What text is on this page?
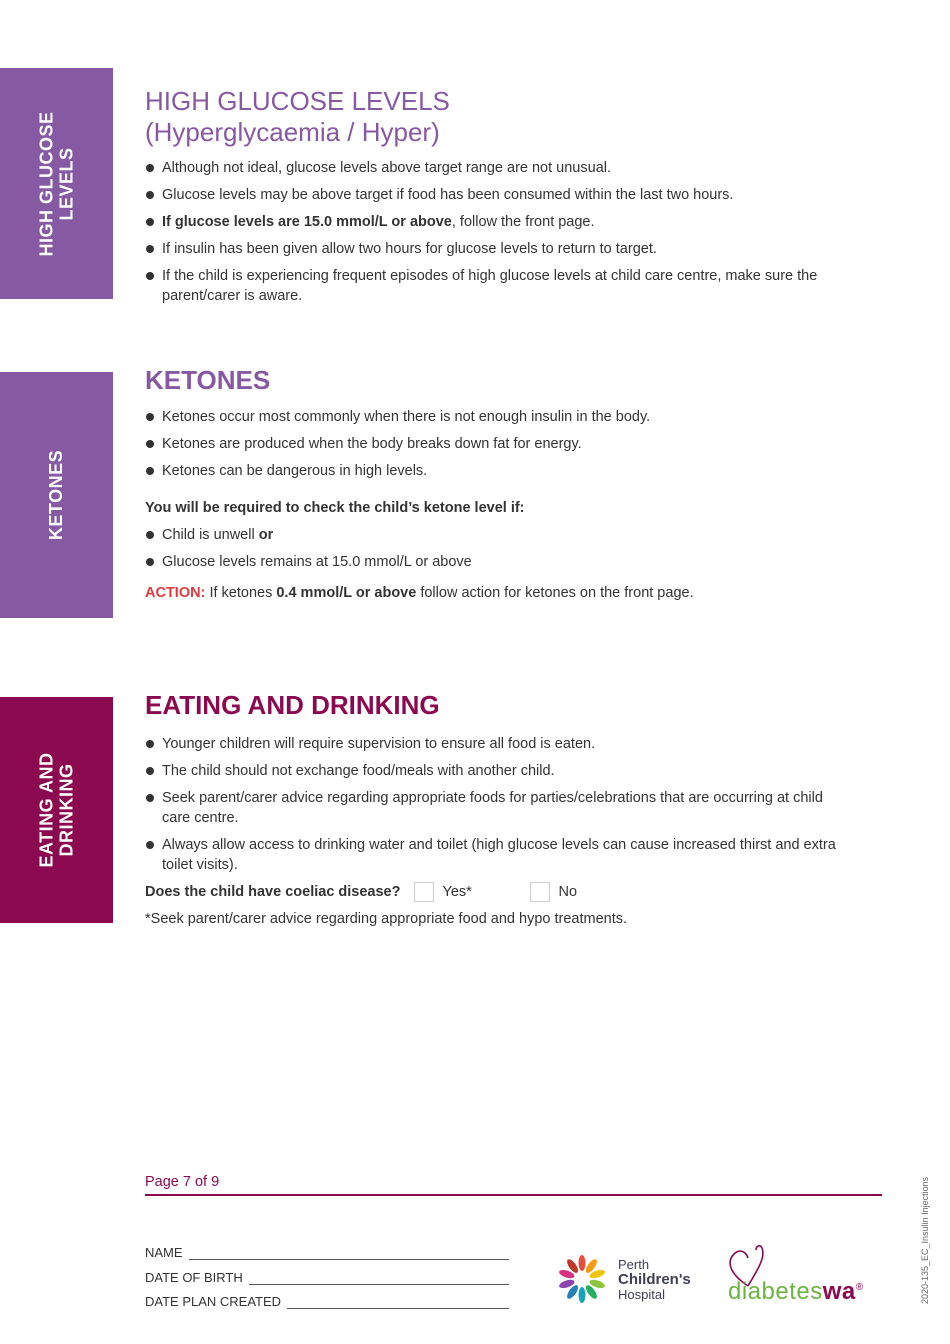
HIGH GLUCOSE
LEVELS
KETONES
EATING AND
DRINKING
HIGH GLUCOSE LEVELS
(Hyperglycaemia / Hyper)
Although not ideal, glucose levels above target range are not unusual.
Glucose levels may be above target if food has been consumed within the last two hours.
If glucose levels are 15.0 mmol/L or above, follow the front page.
If insulin has been given allow two hours for glucose levels to return to target.
If the child is experiencing frequent episodes of high glucose levels at child care centre, make sure the parent/carer is aware.
KETONES
Ketones occur most commonly when there is not enough insulin in the body.
Ketones are produced when the body breaks down fat for energy.
Ketones can be dangerous in high levels.

You will be required to check the child’s ketone level if:

Child is unwell or
Glucose levels remains at 15.0 mmol/L or above

ACTION: If ketones 0.4 mmol/L or above follow action for ketones on the front page.

EATING AND DRINKING
Younger children will require supervision to ensure all food is eaten.
The child should not exchange food/meals with another child.
Seek parent/carer advice regarding appropriate foods for parties/celebrations that are occurring at child care centre.
Always allow access to drinking water and toilet (high glucose levels can cause increased thirst and extra toilet visits).
Does the child have coeliac disease?	Yes*	No

*Seek parent/carer advice regarding appropriate food and hypo treatments.

Page 7 of 9
NAME
DATE OF BIRTH
DATE PLAN CREATED
Perth
Children's
Hospital	diabeteswa®	2020-135_EC_Insulin Injections
